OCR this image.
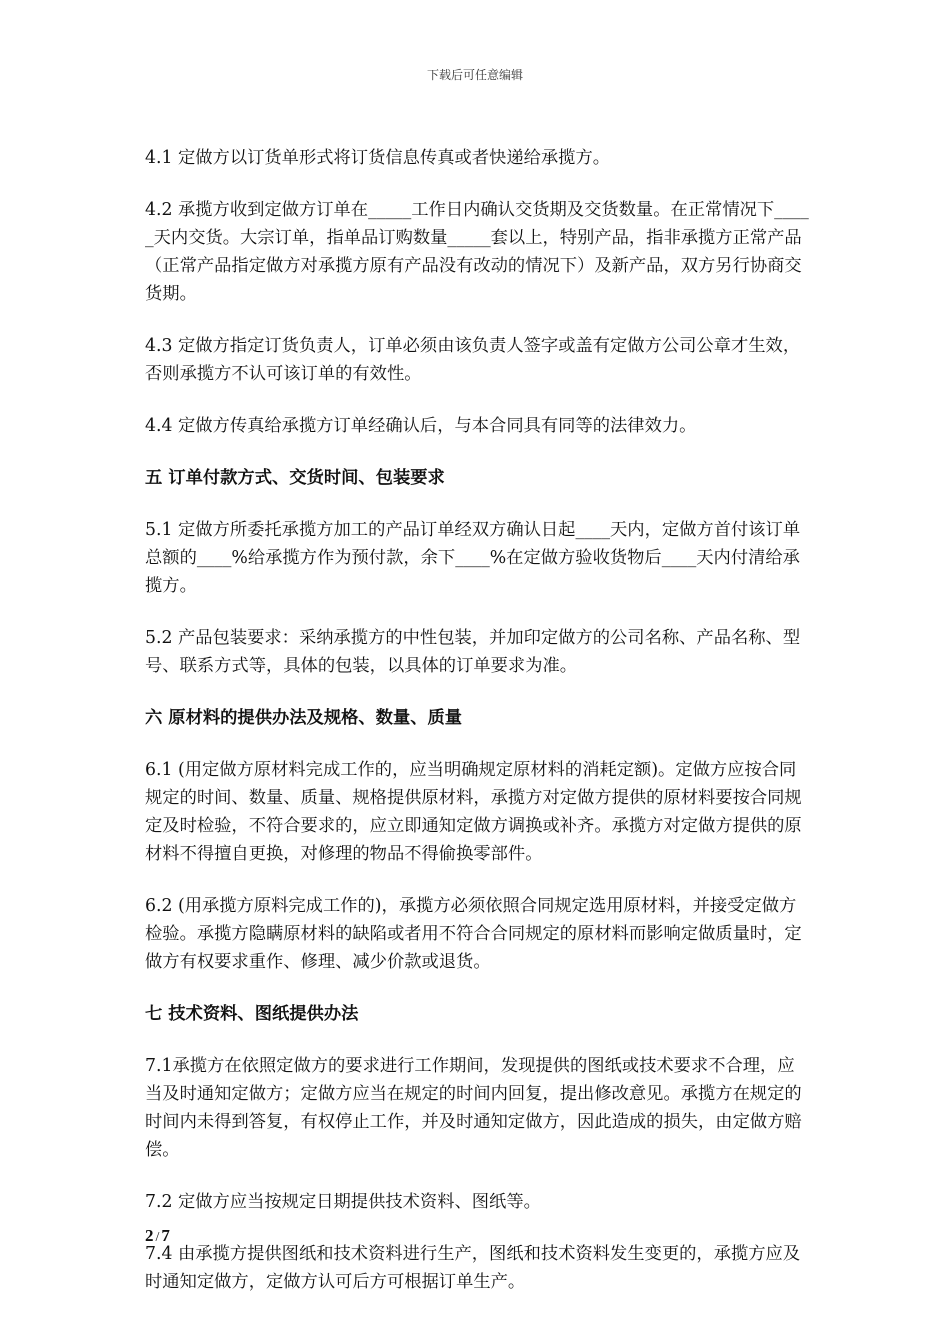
下载后可任意编辑

4.1 定做方以订货单形式将订货信息传真或者快递给承揽方。

4.2 承揽方收到定做方订单在_____工作日内确认交货期及交货数量。在正常情况下_____天内交货。大宗订单，指单品订购数量_____套以上，特别产品，指非承揽方正常产品（正常产品指定做方对承揽方原有产品没有改动的情况下）及新产品，双方另行协商交货期。

4.3 定做方指定订货负责人，订单必须由该负责人签字或盖有定做方公司公章才生效，否则承揽方不认可该订单的有效性。

4.4 定做方传真给承揽方订单经确认后，与本合同具有同等的法律效力。

五 订单付款方式、交货时间、包装要求

5.1 定做方所委托承揽方加工的产品订单经双方确认日起____天内，定做方首付该订单总额的____%给承揽方作为预付款，余下____%在定做方验收货物后____天内付清给承揽方。

5.2 产品包装要求：采纳承揽方的中性包装，并加印定做方的公司名称、产品名称、型号、联系方式等，具体的包装，以具体的订单要求为准。

六 原材料的提供办法及规格、数量、质量

6.1 (用定做方原材料完成工作的，应当明确规定原材料的消耗定额)。定做方应按合同规定的时间、数量、质量、规格提供原材料，承揽方对定做方提供的原材料要按合同规定及时检验，不符合要求的，应立即通知定做方调换或补齐。承揽方对定做方提供的原材料不得擅自更换，对修理的物品不得偷换零部件。

6.2 (用承揽方原料完成工作的)，承揽方必须依照合同规定选用原材料，并接受定做方检验。承揽方隐瞒原材料的缺陷或者用不符合合同规定的原材料而影响定做质量时，定做方有权要求重作、修理、减少价款或退货。

七 技术资料、图纸提供办法

7.1承揽方在依照定做方的要求进行工作期间，发现提供的图纸或技术要求不合理，应当及时通知定做方；定做方应当在规定的时间内回复，提出修改意见。承揽方在规定的时间内未得到答复，有权停止工作，并及时通知定做方，因此造成的损失，由定做方赔偿。

7.2 定做方应当按规定日期提供技术资料、图纸等。

7.4 由承揽方提供图纸和技术资料进行生产，图纸和技术资料发生变更的，承揽方应及时通知定做方，定做方认可后方可根据订单生产。

2 / 7
